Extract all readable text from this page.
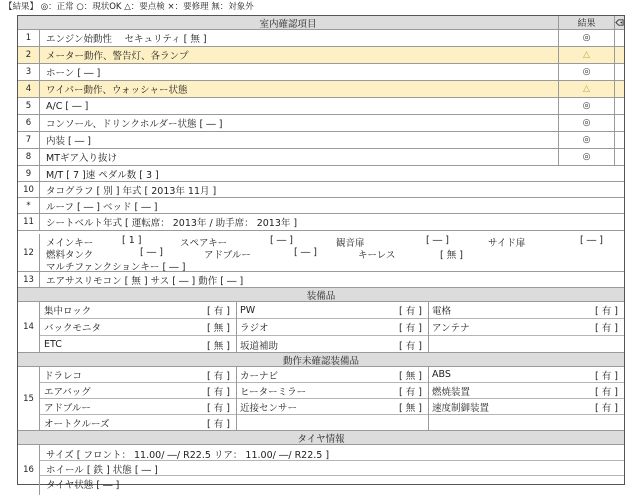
【結果】 ◎：正常 ○：現状OK △：要点検 ×：要修理 無：対象外
室内確認項目	結果
1	エンジン始動性　 セキュリティ [ 無 ]	◎
2	メーター動作、警告灯、各ランプ	△
3	ホーン [ ― ]	◎
4	ワイパー動作、ウォッシャー状態	△
5	A/C [ ― ]	◎
6	コンソール、ドリンクホルダー状態 [ ― ]	◎
7	内装 [ ― ]	◎
8	MTギア入り抜け	◎
9	M/T [ 7 ]速 ペダル数 [ 3 ]
10	タコグラフ [ 別 ] 年式 [ 2013年 11月 ]
*	ルーフ [ ― ] ベッド [ ― ]
11	シートベルト年式 [ 運転席： 2013年 / 助手席： 2013年 ]
12
メインキー	[ 1 ]	スペアキー	[ ― ]	観音扉	[ ― ]	サイド扉	[ ― ]
燃料タンク	[ ― ]	アドブルー	[ ― ]	キーレス	[ 無 ]
マルチファンクションキー [ ― ]
13	エアサスリモコン [ 無 ] サス [ ― ] 動作 [ ― ]
装備品
14
集中ロック	[ 有 ] PW	[ 有 ] 電格	[ 有 ]
バックモニタ	[ 無 ] ラジオ	[ 有 ] アンテナ	[ 有 ]
ETC	[ 無 ] 坂道補助	[ 有 ]
動作未確認装備品
15
ドラレコ	[ 有 ] カーナビ	[ 無 ] ABS	[ 有 ]
エアバッグ	[ 有 ] ヒーターミラー	[ 有 ] 燃焼装置	[ 有 ]
アドブルー	[ 有 ] 近接センサー	[ 無 ] 速度制御装置	[ 有 ]
オートクルーズ	[ 有 ]
タイヤ情報
16
サイズ [ フロント： 11.00/ ―/ R22.5 リア： 11.00/ ―/ R22.5 ]
ホイール [ 鉄 ] 状態 [ ― ]
タイヤ状態 [ ― ]
